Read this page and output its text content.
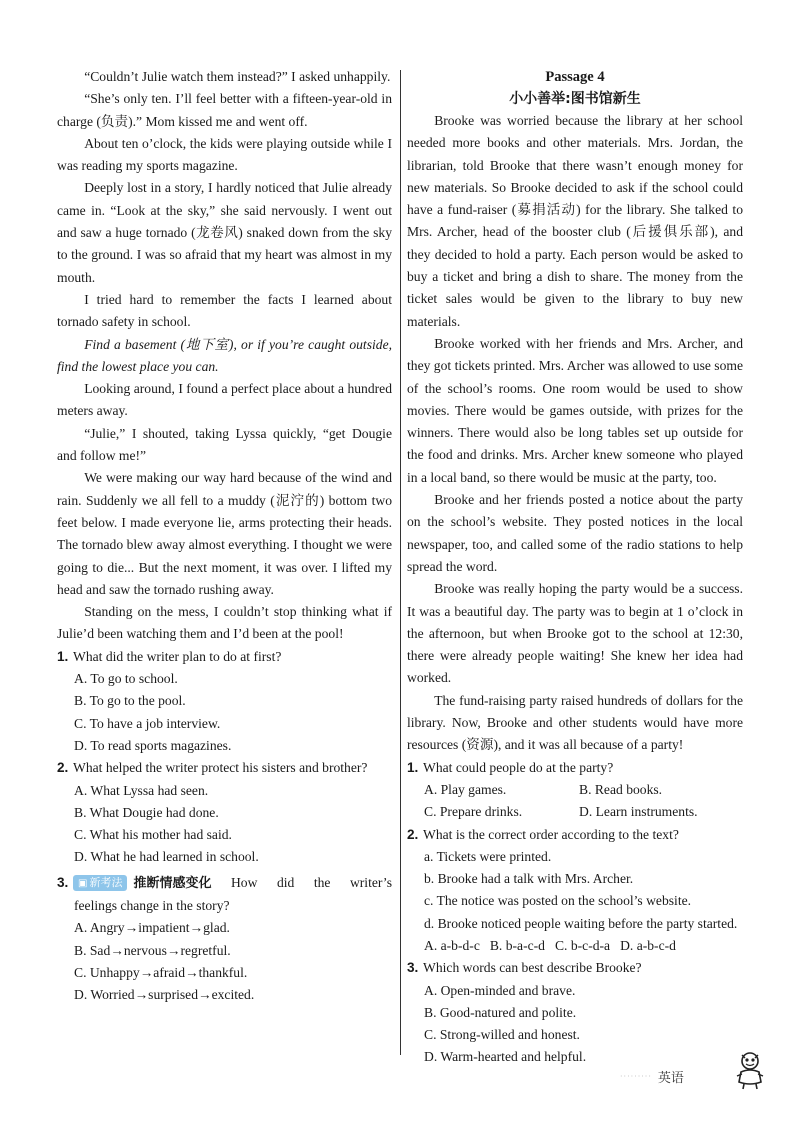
“Couldn’t Julie watch them instead?” I asked unhappily.

“She’s only ten. I’ll feel better with a fifteen-year-old in charge (负责).” Mom kissed me and went off.

About ten o’clock, the kids were playing outside while I was reading my sports magazine.

Deeply lost in a story, I hardly noticed that Julie already came in. “Look at the sky,” she said nervously. I went out and saw a huge tornado (龙卷风) snaked down from the sky to the ground. I was so afraid that my heart was almost in my mouth.

I tried hard to remember the facts I learned about tornado safety in school.

Find a basement (地下室), or if you’re caught outside, find the lowest place you can.

Looking around, I found a perfect place about a hundred meters away.

“Julie,” I shouted, taking Lyssa quickly, “get Dougie and follow me!”

We were making our way hard because of the wind and rain. Suddenly we all fell to a muddy (泥泞的) bottom two feet below. I made everyone lie, arms protecting their heads. The tornado blew away almost everything. I thought we were going to die... But the next moment, it was over. I lifted my head and saw the tornado rushing away.

Standing on the mess, I couldn’t stop thinking what if Julie’d been watching them and I’d been at the pool!

1. What did the writer plan to do at first?
A. To go to school.
B. To go to the pool.
C. To have a job interview.
D. To read sports magazines.
2. What helped the writer protect his sisters and brother?
A. What Lyssa had seen.
B. What Dougie had done.
C. What his mother had said.
D. What he had learned in school.
3. ▣ 新考法 推断情感变化 How did the writer’s
feelings change in the story?
A. Angry→impatient→glad.
B. Sad→nervous→regretful.
C. Unhappy→afraid→thankful.
D. Worried→surprised→excited.
Passage 4
小小善举:图书馆新生

Brooke was worried because the library at her school needed more books and other materials. Mrs. Jordan, the librarian, told Brooke that there wasn’t enough money for new materials. So Brooke decided to ask if the school could have a fund-raiser (募捐活动) for the library. She talked to Mrs. Archer, head of the booster club (后援俱乐部), and they decided to hold a party. Each person would be asked to buy a ticket and bring a dish to share. The money from the ticket sales would be given to the library to buy new materials.

Brooke worked with her friends and Mrs. Archer, and they got tickets printed. Mrs. Archer was allowed to use some of the school’s rooms. One room would be used to show movies. There would be games outside, with prizes for the winners. There would also be long tables set up outside for the food and drinks. Mrs. Archer knew someone who played in a local band, so there would be music at the party, too.

Brooke and her friends posted a notice about the party on the school’s website. They posted notices in the local newspaper, too, and called some of the radio stations to help spread the word.

Brooke was really hoping the party would be a success. It was a beautiful day. The party was to begin at 1 o’clock in the afternoon, but when Brooke got to the school at 12:30, there were already people waiting! She knew her idea had worked.

The fund-raising party raised hundreds of dollars for the library. Now, Brooke and other students would have more resources (资源), and it was all because of a party!

1. What could people do at the party?
A. Play games.	B. Read books.
C. Prepare drinks.	D. Learn instruments.
2. What is the correct order according to the text?
a. Tickets were printed.
b. Brooke had a talk with Mrs. Archer.
c. The notice was posted on the school’s website.
d. Brooke noticed people waiting before the party started.
A. a-b-d-c B. b-a-c-d C. b-c-d-a D. a-b-c-d
3. Which words can best describe Brooke?
A. Open-minded and brave.
B. Good-natured and polite.
C. Strong-willed and honest.
D. Warm-hearted and helpful.
········· 英语
